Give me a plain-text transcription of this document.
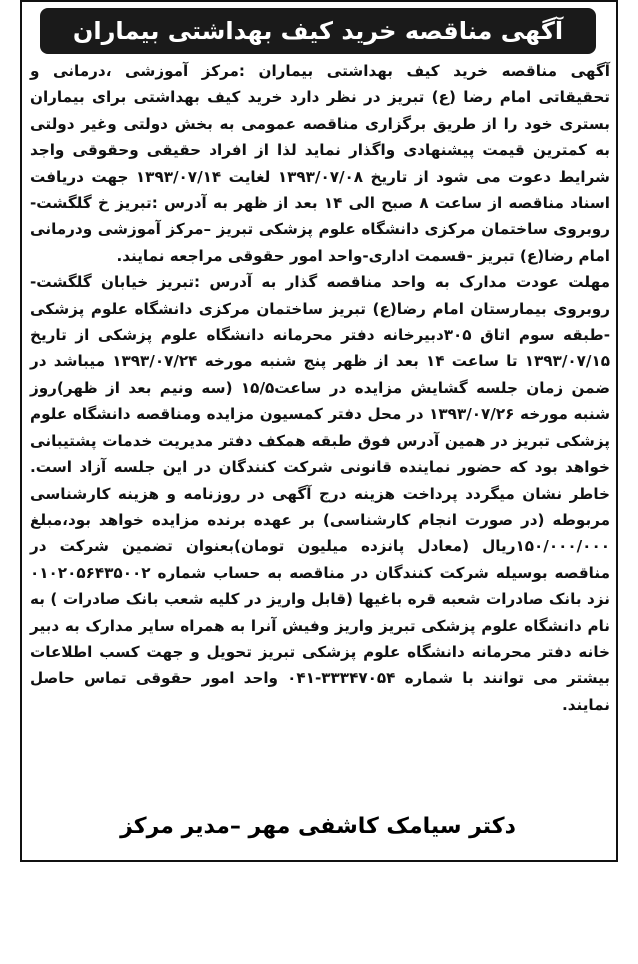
آگهی مناقصه خرید کیف بهداشتی بیماران

آگهی مناقصه خرید کیف بهداشتی بیماران :مرکز آموزشی ،درمانی و تحقیقاتی امام رضا (ع) تبریز در نظر دارد خرید کیف بهداشتی برای بیماران بستری خود را از طریق برگزاری مناقصه عمومی به بخش دولتی وغیر دولتی به کمترین قیمت پیشنهادی واگذار نماید لذا از افراد حقیقی وحقوقی واجد شرایط دعوت می شود از تاریخ ۱۳۹۳/۰۷/۰۸ لغایت ۱۳۹۳/۰۷/۱۴ جهت دریافت اسناد مناقصه از ساعت ۸ صبح الی ۱۴ بعد از ظهر به آدرس :تبریز خ گلگشت-روبروی ساختمان مرکزی دانشگاه علوم پزشکی تبریز –مرکز آموزشی ودرمانی امام رضا(ع) تبریز -قسمت اداری-واحد امور حقوقی مراجعه نمایند.

مهلت عودت مدارک به واحد مناقصه گذار به آدرس :تبریز خیابان گلگشت- روبروی بیمارستان امام رضا(ع) تبریز ساختمان مرکزی دانشگاه علوم پزشکی -طبقه سوم اتاق ۳۰۵دبیرخانه دفتر محرمانه دانشگاه علوم پزشکی از تاریخ ۱۳۹۳/۰۷/۱۵ تا ساعت ۱۴ بعد از ظهر پنج شنبه مورخه ۱۳۹۳/۰۷/۲۴ میباشد در ضمن زمان جلسه گشایش مزایده در ساعت۱۵/۵ (سه ونیم بعد از ظهر)روز شنبه مورخه ۱۳۹۳/۰۷/۲۶ در محل دفتر کمسیون مزایده ومناقصه دانشگاه علوم پزشکی تبریز در همین آدرس فوق طبقه همکف دفتر مدیریت خدمات پشتیبانی خواهد بود که حضور نماینده قانونی شرکت کنندگان در این جلسه آزاد است. خاطر نشان میگردد پرداخت هزینه درج آگهی در روزنامه و هزینه کارشناسی مربوطه (در صورت انجام کارشناسی) بر عهده برنده مزایده خواهد بود،مبلغ ۱۵۰/۰۰۰/۰۰۰ریال (معادل پانزده میلیون تومان)بعنوان تضمین شرکت در مناقصه بوسیله شرکت کنندگان در مناقصه به حساب شماره ۰۱۰۲۰۵۶۴۳۵۰۰۲ نزد بانک صادرات شعبه قره باغیها (قابل واریز در کلیه شعب بانک صادرات ) به نام دانشگاه علوم پزشکی تبریز واریز وفیش آنرا به همراه سایر مدارک به دبیر خانه دفتر محرمانه دانشگاه علوم پزشکی تبریز تحویل و جهت کسب اطلاعات بیشتر می توانند با شماره ۳۳۳۴۷۰۵۴-۰۴۱ واحد امور حقوقی تماس حاصل نمایند.

دکتر سیامک کاشفی مهر –مدیر مرکز
